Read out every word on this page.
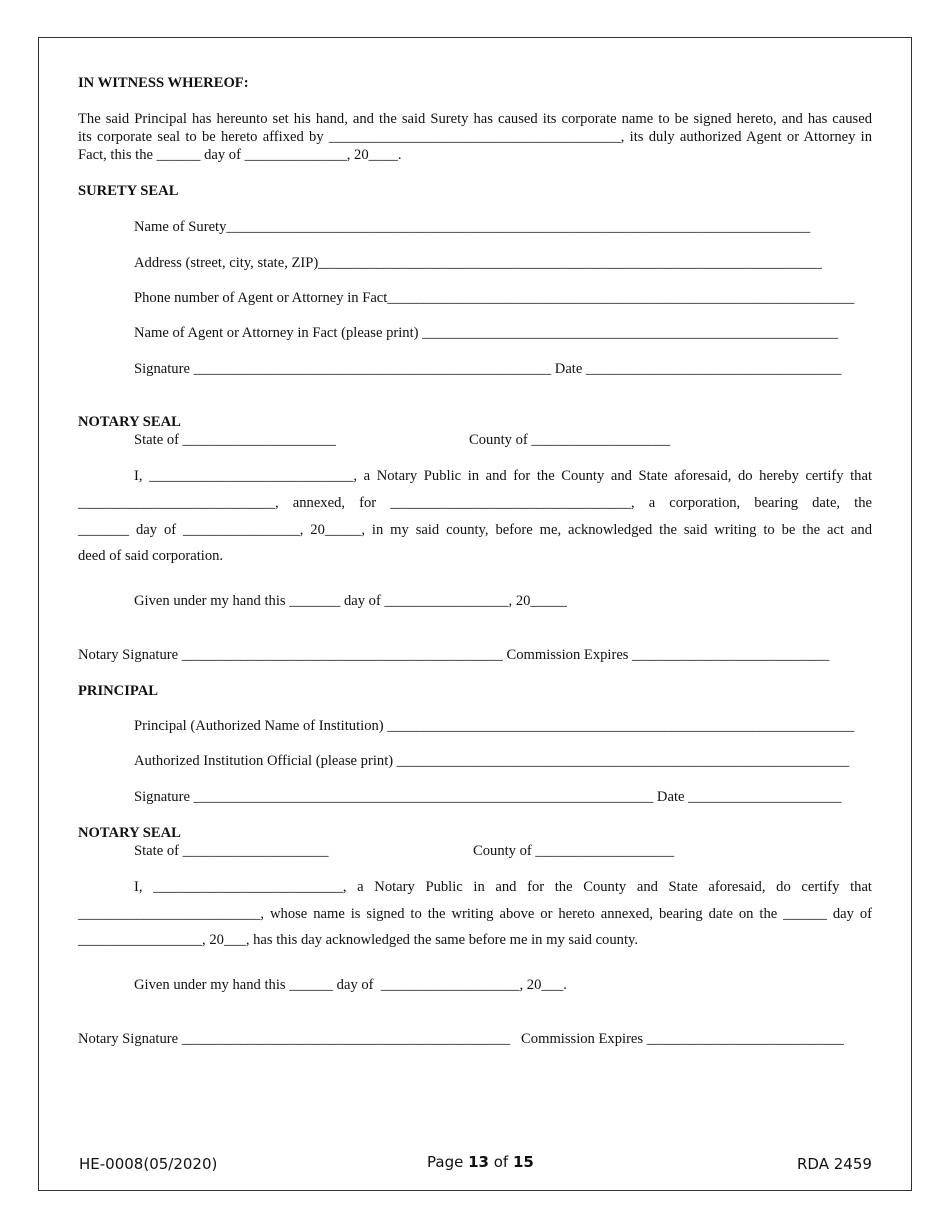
IN WITNESS WHEREOF:
The said Principal has hereunto set his hand, and the said Surety has caused its corporate name to be signed hereto, and has caused
its corporate seal to be hereto affixed by ________________________________________, its duly authorized Agent or Attorney in
Fact, this the ______ day of ______________, 20____.
SURETY SEAL
Name of Surety________________________________________________________________________________
Address (street, city, state, ZIP)_____________________________________________________________________
Phone number of Agent or Attorney in Fact________________________________________________________________
Name of Agent or Attorney in Fact (please print) _________________________________________________________
Signature _________________________________________________ Date ___________________________________
NOTARY SEAL
State of _____________________	County of ___________________
I, ____________________________, a Notary Public in and for the County and State aforesaid, do hereby certify that
___________________________, annexed, for _________________________________, a corporation, bearing date, the
_______ day of ________________, 20_____, in my said county, before me, acknowledged the said writing to be the act and
deed of said corporation.
Given under my hand this _______ day of _________________, 20_____
Notary Signature ____________________________________________ Commission Expires ___________________________
PRINCIPAL
Principal (Authorized Name of Institution) ________________________________________________________________
Authorized Institution Official (please print) ______________________________________________________________
Signature _______________________________________________________________ Date _____________________
NOTARY SEAL
State of ____________________	County of ___________________
I, __________________________, a Notary Public in and for the County and State aforesaid, do certify that
_________________________, whose name is signed to the writing above or hereto annexed, bearing date on the ______ day of
_________________, 20___, has this day acknowledged the same before me in my said county.
Given under my hand this ______ day of  ___________________, 20___.
Notary Signature _____________________________________________   Commission Expires ___________________________
HE-0008(05/2020)	Page 13 of 15	RDA 2459
